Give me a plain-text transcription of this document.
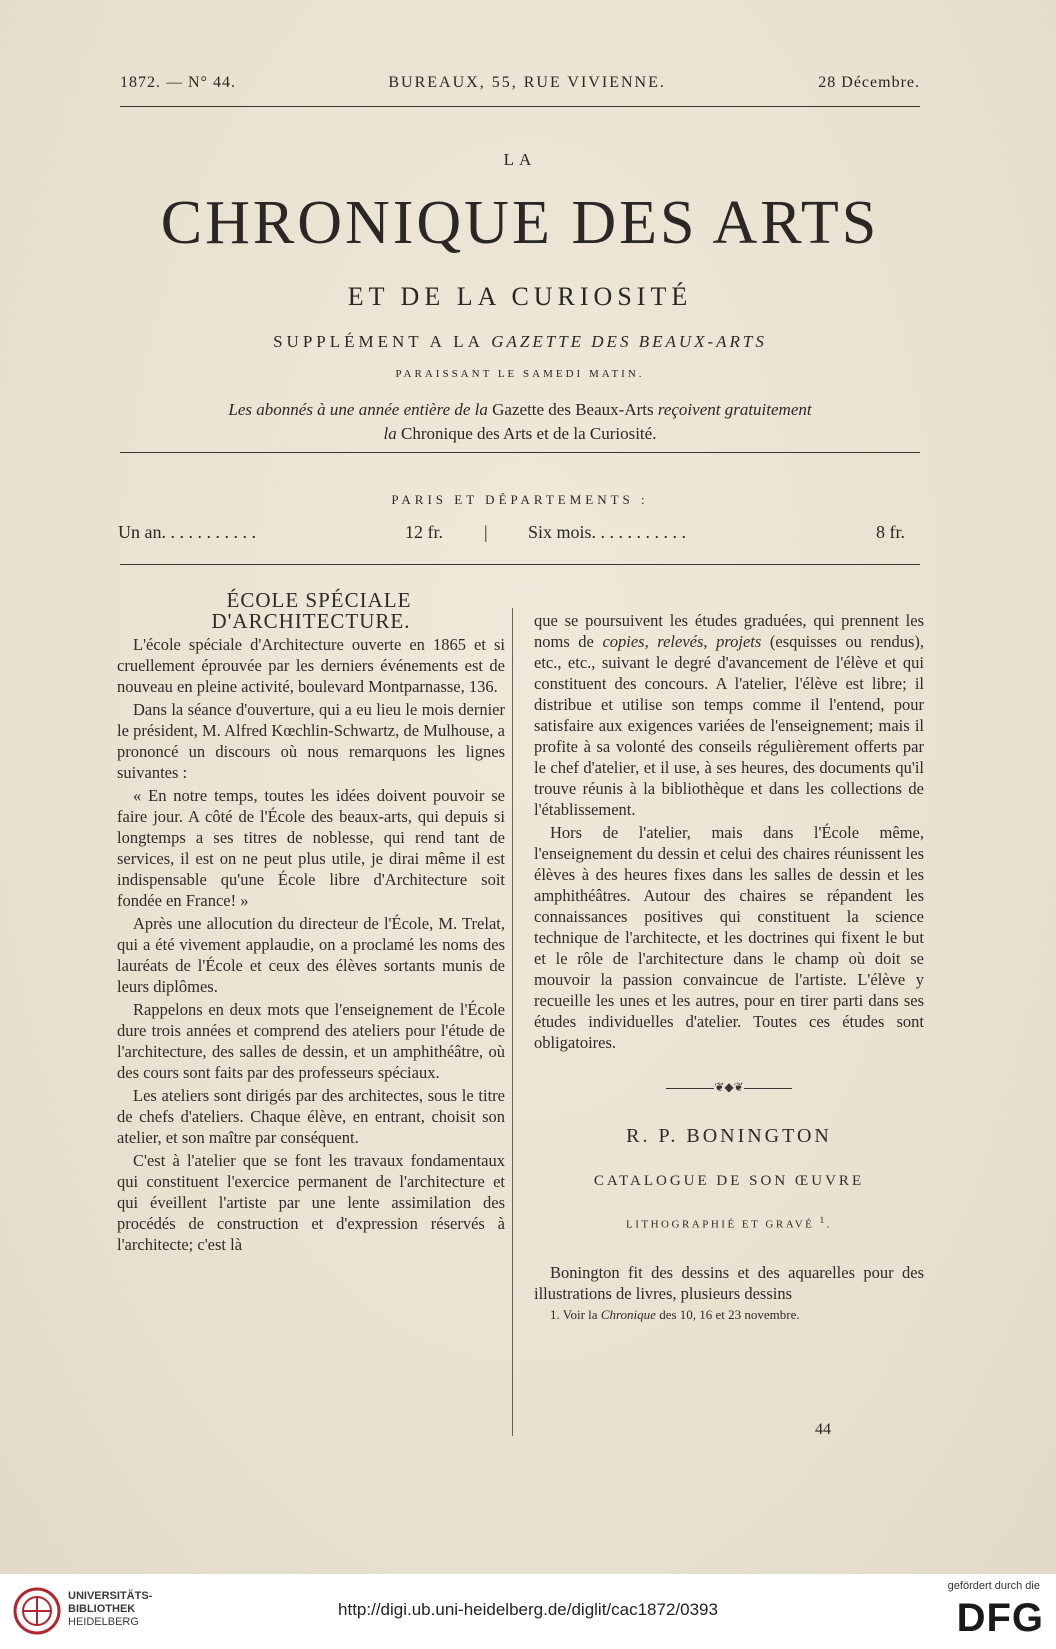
1872. — N° 44.	BUREAUX, 55, RUE VIVIENNE.	28 Décembre.
LA
CHRONIQUE DES ARTS
ET DE LA CURIOSITÉ
SUPPLÉMENT A LA GAZETTE DES BEAUX-ARTS
PARAISSANT LE SAMEDI MATIN.
Les abonnés à une année entière de la Gazette des Beaux-Arts reçoivent gratuitement
la Chronique des Arts et de la Curiosité.
PARIS ET DÉPARTEMENTS :
Un an. . . . . . . . . . .	12 fr. | Six mois. . . . . . . . . . .	8 fr.

ÉCOLE SPÉCIALE D'ARCHITECTURE.

L'école spéciale d'Architecture ouverte en 1865 et si cruellement éprouvée par les derniers événements est de nouveau en pleine activité, boulevard Montparnasse, 136.

Dans la séance d'ouverture, qui a eu lieu le mois dernier le président, M. Alfred Kœchlin-Schwartz, de Mulhouse, a prononcé un discours où nous remarquons les lignes suivantes :

« En notre temps, toutes les idées doivent pouvoir se faire jour. A côté de l'École des beaux-arts, qui depuis si longtemps a ses titres de noblesse, qui rend tant de services, il est on ne peut plus utile, je dirai même il est indispensable qu'une École libre d'Architecture soit fondée en France! »

Après une allocution du directeur de l'École, M. Trelat, qui a été vivement applaudie, on a proclamé les noms des lauréats de l'École et ceux des élèves sortants munis de leurs diplômes.

Rappelons en deux mots que l'enseignement de l'École dure trois années et comprend des ateliers pour l'étude de l'architecture, des salles de dessin, et un amphithéâtre, où des cours sont faits par des professeurs spéciaux.

Les ateliers sont dirigés par des architectes, sous le titre de chefs d'ateliers. Chaque élève, en entrant, choisit son atelier, et son maître par conséquent.

C'est à l'atelier que se font les travaux fondamentaux qui constituent l'exercice permanent de l'architecture et qui éveillent l'artiste par une lente assimilation des procédés de construction et d'expression réservés à l'architecte; c'est là

que se poursuivent les études graduées, qui prennent les noms de copies, relevés, projets (esquisses ou rendus), etc., etc., suivant le degré d'avancement de l'élève et qui constituent des concours. A l'atelier, l'élève est libre; il distribue et utilise son temps comme il l'entend, pour satisfaire aux exigences variées de l'enseignement; mais il profite à sa volonté des conseils régulièrement offerts par le chef d'atelier, et il use, à ses heures, des documents qu'il trouve réunis à la bibliothèque et dans les collections de l'établissement.

Hors de l'atelier, mais dans l'École même, l'enseignement du dessin et celui des chaires réunissent les élèves à des heures fixes dans les salles de dessin et les amphithéâtres. Autour des chaires se répandent les connaissances positives qui constituent la science technique de l'architecte, et les doctrines qui fixent le but et le rôle de l'architecture dans le champ où doit se mouvoir la passion convaincue de l'artiste. L'élève y recueille les unes et les autres, pour en tirer parti dans ses études individuelles d'atelier. Toutes ces études sont obligatoires.

❦◆❦
R. P. BONINGTON
CATALOGUE DE SON ŒUVRE
LITHOGRAPHIÉ ET GRAVÉ $^1$.

Bonington fit des dessins et des aquarelles pour des illustrations de livres, plusieurs dessins

1. Voir la Chronique des 10, 16 et 23 novembre.

44
UNIVERSITÄTS-
BIBLIOTHEK
HEIDELBERG
http://digi.ub.uni-heidelberg.de/diglit/cac1872/0393
gefördert durch die
DFG
